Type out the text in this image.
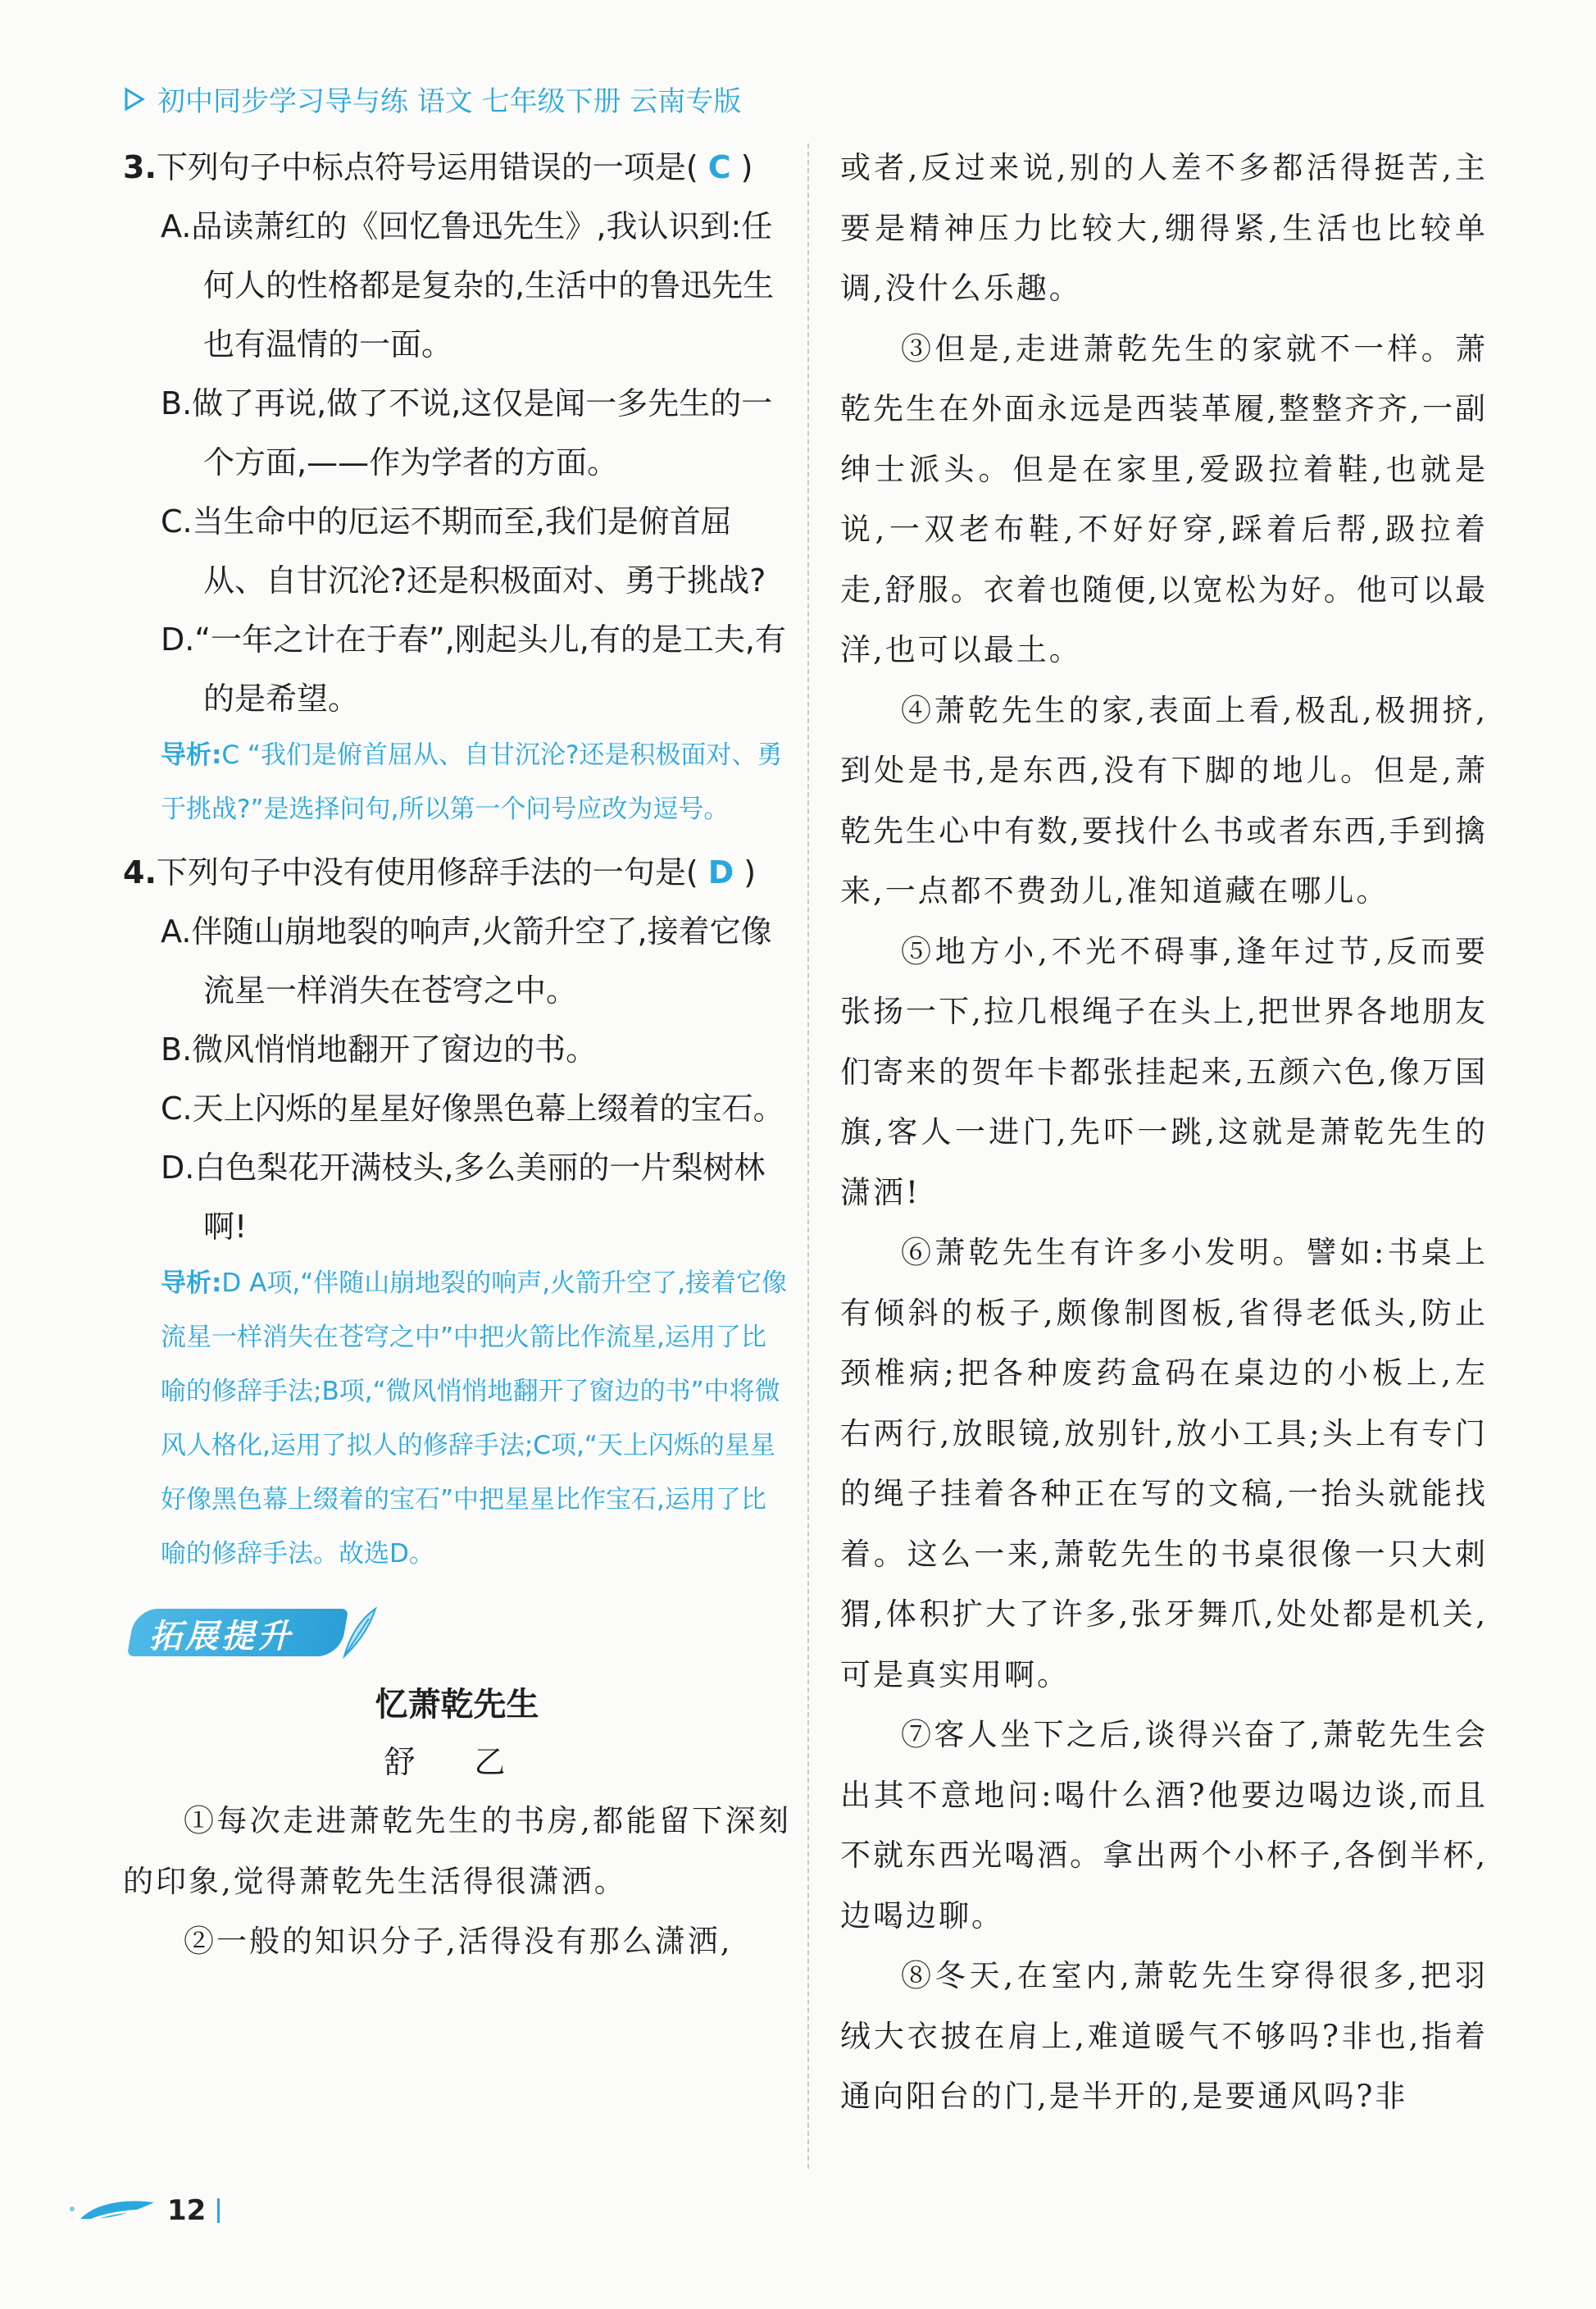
初中同步学习导与练 语文 七年级下册 云南专版
3.下列句子中标点符号运用错误的一项是( C )
A.品读萧红的《回忆鲁迅先生》,我认识到:任何人的性格都是复杂的,生活中的鲁迅先生也有温情的一面。
B.做了再说,做了不说,这仅是闻一多先生的一个方面,——作为学者的方面。
C.当生命中的厄运不期而至,我们是俯首屈从、自甘沉沦?还是积极面对、勇于挑战?
D.“一年之计在于春”,刚起头儿,有的是工夫,有的是希望。
导析:C “我们是俯首屈从、自甘沉沦?还是积极面对、勇于挑战?”是选择问句,所以第一个问号应改为逗号。
4.下列句子中没有使用修辞手法的一句是( D )
A.伴随山崩地裂的响声,火箭升空了,接着它像流星一样消失在苍穹之中。
B.微风悄悄地翻开了窗边的书。
C.天上闪烁的星星好像黑色幕上缀着的宝石。
D.白色梨花开满枝头,多么美丽的一片梨树林啊!
导析:D A项,“伴随山崩地裂的响声,火箭升空了,接着它像流星一样消失在苍穹之中”中把火箭比作流星,运用了比喻的修辞手法;B项,“微风悄悄地翻开了窗边的书”中将微风人格化,运用了拟人的修辞手法;C项,“天上闪烁的星星好像黑色幕上缀着的宝石”中把星星比作宝石,运用了比喻的修辞手法。故选D。
拓展提升
忆萧乾先生
舒 乙

①每次走进萧乾先生的书房,都能留下深刻的印象,觉得萧乾先生活得很潇洒。

②一般的知识分子,活得没有那么潇洒,

或者,反过来说,别的人差不多都活得挺苦,主要是精神压力比较大,绷得紧,生活也比较单调,没什么乐趣。

③但是,走进萧乾先生的家就不一样。萧乾先生在外面永远是西装革履,整整齐齐,一副绅士派头。但是在家里,爱趿拉着鞋,也就是说,一双老布鞋,不好好穿,踩着后帮,趿拉着走,舒服。衣着也随便,以宽松为好。他可以最洋,也可以最土。

④萧乾先生的家,表面上看,极乱,极拥挤,到处是书,是东西,没有下脚的地儿。但是,萧乾先生心中有数,要找什么书或者东西,手到擒来,一点都不费劲儿,准知道藏在哪儿。

⑤地方小,不光不碍事,逢年过节,反而要张扬一下,拉几根绳子在头上,把世界各地朋友们寄来的贺年卡都张挂起来,五颜六色,像万国旗,客人一进门,先吓一跳,这就是萧乾先生的潇洒!

⑥萧乾先生有许多小发明。譬如:书桌上有倾斜的板子,颇像制图板,省得老低头,防止颈椎病;把各种废药盒码在桌边的小板上,左右两行,放眼镜,放别针,放小工具;头上有专门的绳子挂着各种正在写的文稿,一抬头就能找着。这么一来,萧乾先生的书桌很像一只大刺猬,体积扩大了许多,张牙舞爪,处处都是机关,可是真实用啊。

⑦客人坐下之后,谈得兴奋了,萧乾先生会出其不意地问:喝什么酒?他要边喝边谈,而且不就东西光喝酒。拿出两个小杯子,各倒半杯,边喝边聊。

⑧冬天,在室内,萧乾先生穿得很多,把羽绒大衣披在肩上,难道暖气不够吗?非也,指着通向阳台的门,是半开的,是要通风吗?非

12
